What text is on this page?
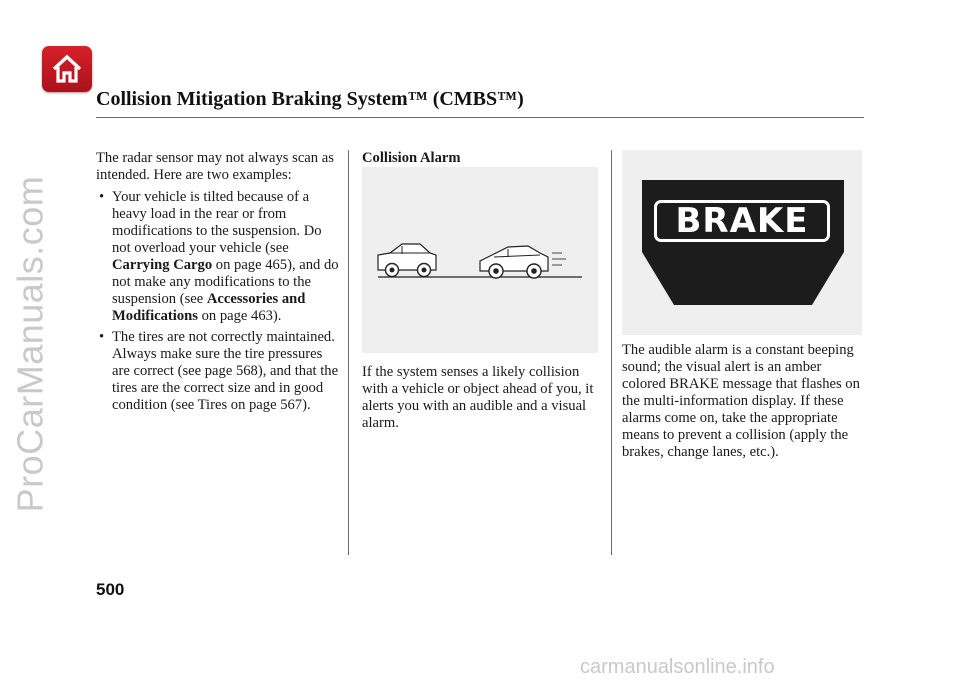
ProCarManuals.com
carmanualsonline.info
Collision Mitigation Braking System™ (CMBS™)

The radar sensor may not always scan as intended. Here are two examples:

• Your vehicle is tilted because of a heavy load in the rear or from modifications to the suspension. Do not overload your vehicle (see Carrying Cargo on page 465), and do not make any modifications to the suspension (see Accessories and Modifications on page 463).
• The tires are not correctly maintained. Always make sure the tire pressures are correct (see page 568), and that the tires are the correct size and in good condition (see Tires on page 567).

Collision Alarm

If the system senses a likely collision with a vehicle or object ahead of you, it alerts you with an audible and a visual alarm.

BRAKE

The audible alarm is a constant beeping sound; the visual alert is an amber colored BRAKE message that flashes on the multi-information display. If these alarms come on, take the appropriate means to prevent a collision (apply the brakes, change lanes, etc.).

500
